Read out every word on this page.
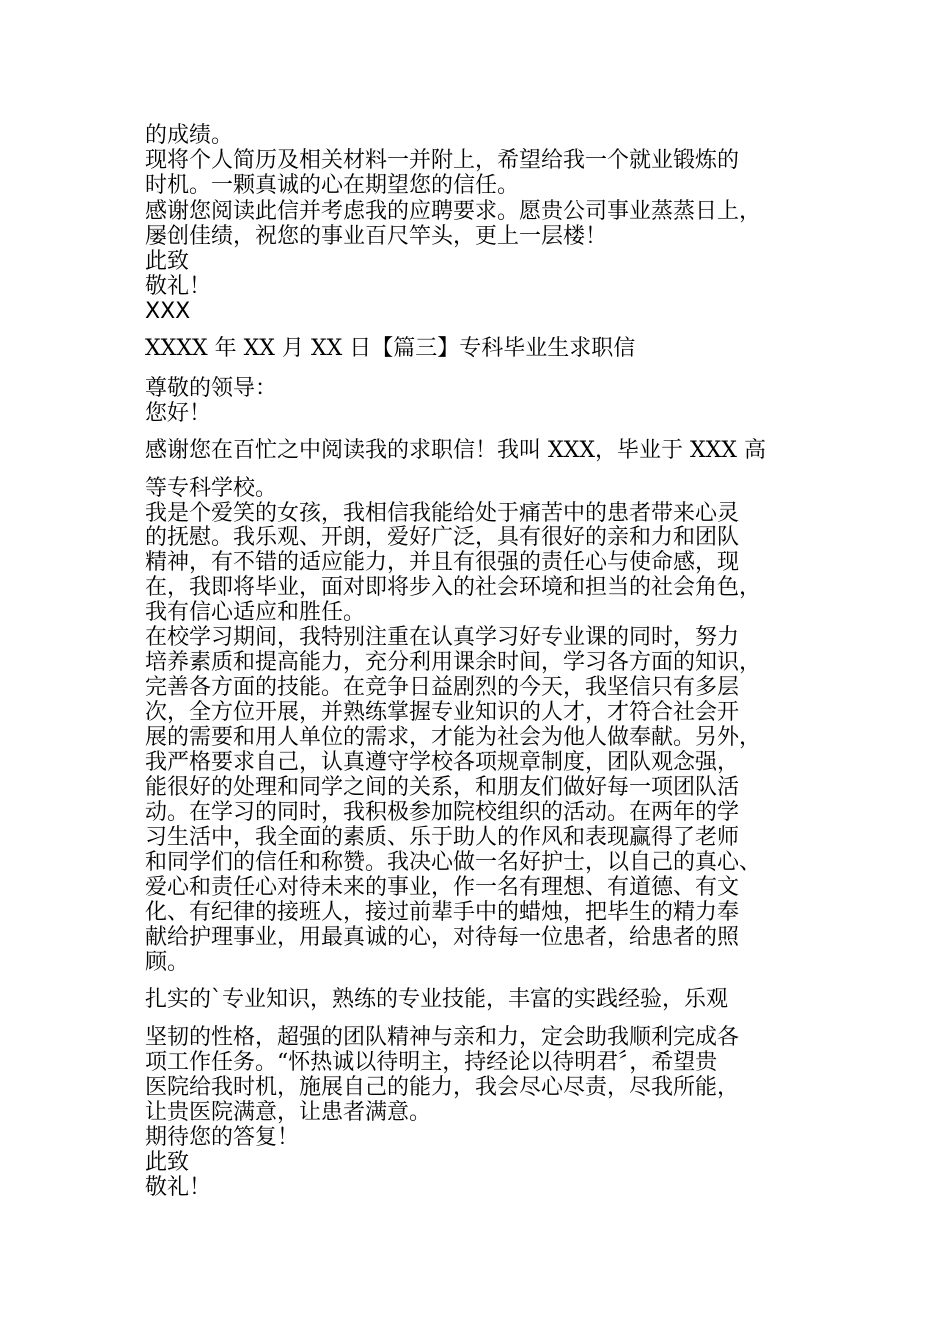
的成绩。

现将个人简历及相关材料一并附上，希望给我一个就业锻炼的

时机。一颗真诚的心在期望您的信任。

感谢您阅读此信并考虑我的应聘要求。愿贵公司事业蒸蒸日上，

屡创佳绩，祝您的事业百尺竿头，更上一层楼！

此致

敬礼！

XXX

XXXX 年 XX 月 XX 日【篇三】专科毕业生求职信

尊敬的领导：

您好！

感谢您在百忙之中阅读我的求职信！我叫 XXX，毕业于 XXX 高

等专科学校。

我是个爱笑的女孩，我相信我能给处于痛苦中的患者带来心灵

的抚慰。我乐观、开朗，爱好广泛，具有很好的亲和力和团队

精神，有不错的适应能力，并且有很强的责任心与使命感，现

在，我即将毕业，面对即将步入的社会环境和担当的社会角色，

我有信心适应和胜任。

在校学习期间，我特别注重在认真学习好专业课的同时，努力

培养素质和提高能力，充分利用课余时间，学习各方面的知识，

完善各方面的技能。在竞争日益剧烈的今天，我坚信只有多层

次，全方位开展，并熟练掌握专业知识的人才，才符合社会开

展的需要和用人单位的需求，才能为社会为他人做奉献。另外，

我严格要求自己，认真遵守学校各项规章制度，团队观念强，

能很好的处理和同学之间的关系，和朋友们做好每一项团队活

动。在学习的同时，我积极参加院校组织的活动。在两年的学

习生活中，我全面的素质、乐于助人的作风和表现赢得了老师

和同学们的信任和称赞。我决心做一名好护士，以自己的真心、

爱心和责任心对待未来的事业，作一名有理想、有道德、有文

化、有纪律的接班人，接过前辈手中的蜡烛，把毕生的精力奉

献给护理事业，用最真诚的心，对待每一位患者，给患者的照

顾。

扎实的`专业知识，熟练的专业技能，丰富的实践经验，乐观

坚韧的性格，超强的团队精神与亲和力，定会助我顺利完成各

项工作任务。“怀热诚以待明主，持经论以待明君〞，希望贵

医院给我时机，施展自己的能力，我会尽心尽责，尽我所能，

让贵医院满意，让患者满意。

期待您的答复！

此致

敬礼！
